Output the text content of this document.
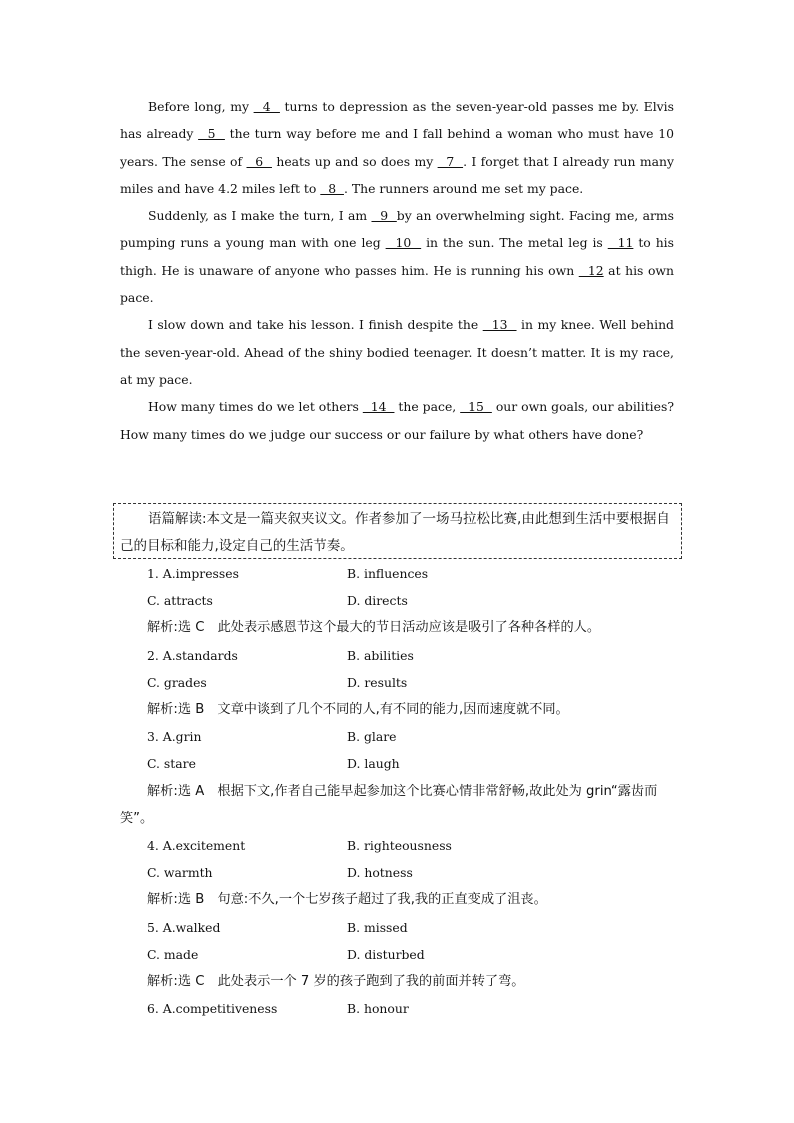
Before long, my   4   turns to depression as the seven-year-old passes me by. Elvis has already   5   the turn way before me and I fall behind a woman who must have 10 years. The sense of   6   heats up and so does my   7  . I forget that I already run many miles and have 4.2 miles left to   8  . The runners around me set my pace.

Suddenly, as I make the turn, I am   9  by an overwhelming sight. Facing me, arms pumping runs a young man with one leg   10   in the sun. The metal leg is   11 to his thigh. He is unaware of anyone who passes him. He is running his own   12 at his own pace.

I slow down and take his lesson. I finish despite the   13   in my knee. Well behind the seven-year-old. Ahead of the shiny bodied teenager. It doesn’t matter. It is my race, at my pace.

How many times do we let others   14   the pace,   15   our own goals, our abilities? How many times do we judge our success or our failure by what others have done?

语篇解读:本文是一篇夹叙夹议文。作者参加了一场马拉松比赛,由此想到生活中要根据自己的目标和能力,设定自己的生活节奏。
1. A.impresses	B. influences
C. attracts	D. directs

解析:选 C　此处表示感恩节这个最大的节日活动应该是吸引了各种各样的人。

2. A.standards	B. abilities
C. grades	D. results

解析:选 B　文章中谈到了几个不同的人,有不同的能力,因而速度就不同。

3. A.grin	B. glare
C. stare	D. laugh

解析:选 A　根据下文,作者自己能早起参加这个比赛心情非常舒畅,故此处为 grin“露齿而笑”。

4. A.excitement	B. righteousness
C. warmth	D. hotness

解析:选 B　句意:不久,一个七岁孩子超过了我,我的正直变成了沮丧。

5. A.walked	B. missed
C. made	D. disturbed

解析:选 C　此处表示一个 7 岁的孩子跑到了我的前面并转了弯。

6. A.competitiveness	B. honour
